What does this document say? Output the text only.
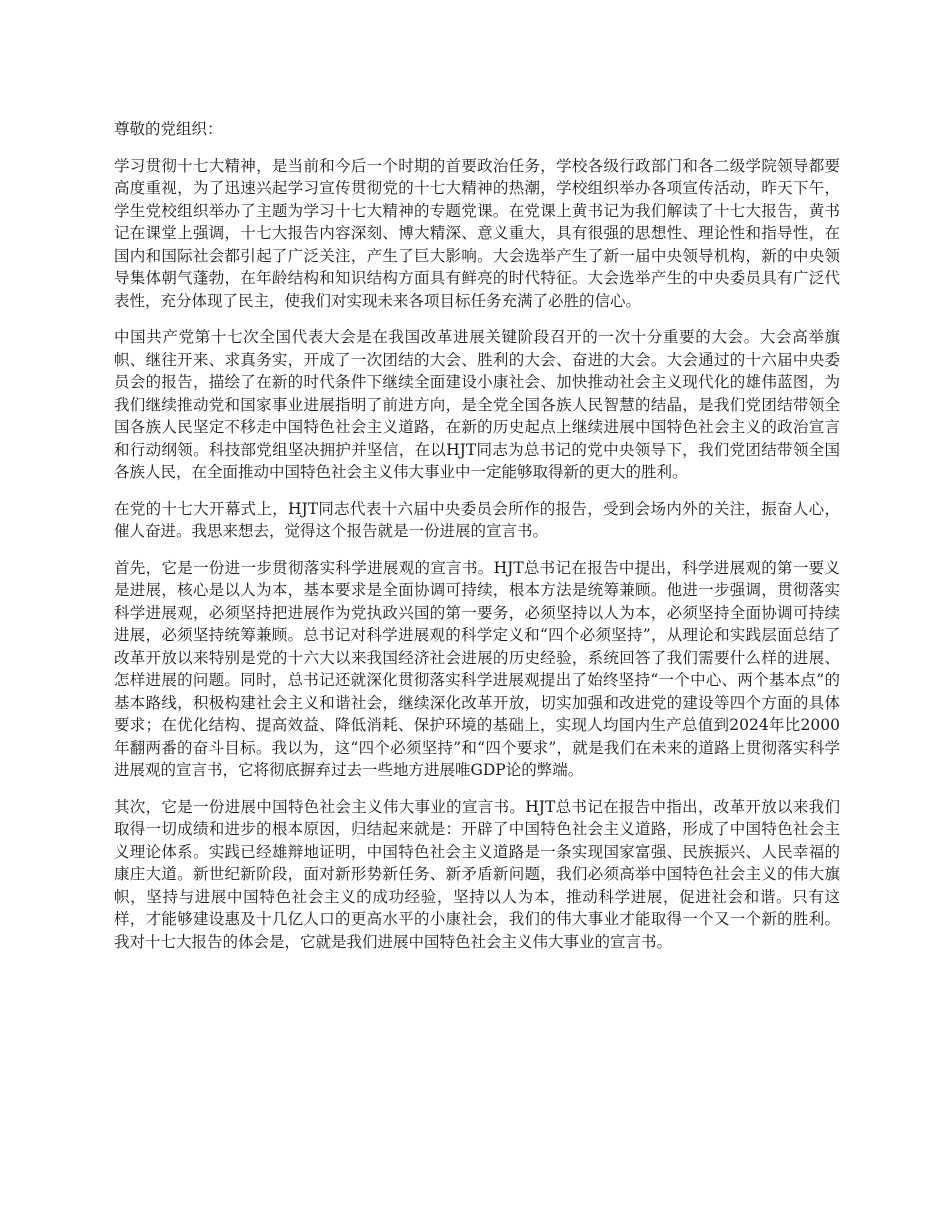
尊敬的党组织：

学习贯彻十七大精神，是当前和今后一个时期的首要政治任务，学校各级行政部门和各二级学院领导都要高度重视，为了迅速兴起学习宣传贯彻党的十七大精神的热潮，学校组织举办各项宣传活动，昨天下午，学生党校组织举办了主题为学习十七大精神的专题党课。在党课上黄书记为我们解读了十七大报告，黄书记在课堂上强调，十七大报告内容深刻、博大精深、意义重大，具有很强的思想性、理论性和指导性，在国内和国际社会都引起了广泛关注，产生了巨大影响。大会选举产生了新一届中央领导机构，新的中央领导集体朝气蓬勃，在年龄结构和知识结构方面具有鲜亮的时代特征。大会选举产生的中央委员具有广泛代表性，充分体现了民主，使我们对实现未来各项目标任务充满了必胜的信心。

中国共产党第十七次全国代表大会是在我国改革进展关键阶段召开的一次十分重要的大会。大会高举旗帜、继往开来、求真务实，开成了一次团结的大会、胜利的大会、奋进的大会。大会通过的十六届中央委员会的报告，描绘了在新的时代条件下继续全面建设小康社会、加快推动社会主义现代化的雄伟蓝图，为我们继续推动党和国家事业进展指明了前进方向，是全党全国各族人民智慧的结晶，是我们党团结带领全国各族人民坚定不移走中国特色社会主义道路，在新的历史起点上继续进展中国特色社会主义的政治宣言和行动纲领。科技部党组坚决拥护并坚信，在以HJT同志为总书记的党中央领导下，我们党团结带领全国各族人民，在全面推动中国特色社会主义伟大事业中一定能够取得新的更大的胜利。

在党的十七大开幕式上，HJT同志代表十六届中央委员会所作的报告，受到会场内外的关注，振奋人心，催人奋进。我思来想去，觉得这个报告就是一份进展的宣言书。

首先，它是一份进一步贯彻落实科学进展观的宣言书。HJT总书记在报告中提出，科学进展观的第一要义是进展，核心是以人为本，基本要求是全面协调可持续，根本方法是统筹兼顾。他进一步强调，贯彻落实科学进展观，必须坚持把进展作为党执政兴国的第一要务，必须坚持以人为本，必须坚持全面协调可持续进展，必须坚持统筹兼顾。总书记对科学进展观的科学定义和“四个必须坚持”，从理论和实践层面总结了改革开放以来特别是党的十六大以来我国经济社会进展的历史经验，系统回答了我们需要什么样的进展、怎样进展的问题。同时，总书记还就深化贯彻落实科学进展观提出了始终坚持“一个中心、两个基本点”的基本路线，积极构建社会主义和谐社会，继续深化改革开放，切实加强和改进党的建设等四个方面的具体要求；在优化结构、提高效益、降低消耗、保护环境的基础上，实现人均国内生产总值到2024年比2000年翻两番的奋斗目标。我以为，这“四个必须坚持”和“四个要求”，就是我们在未来的道路上贯彻落实科学进展观的宣言书，它将彻底摒弃过去一些地方进展唯GDP论的弊端。

其次，它是一份进展中国特色社会主义伟大事业的宣言书。HJT总书记在报告中指出，改革开放以来我们取得一切成绩和进步的根本原因，归结起来就是：开辟了中国特色社会主义道路，形成了中国特色社会主义理论体系。实践已经雄辩地证明，中国特色社会主义道路是一条实现国家富强、民族振兴、人民幸福的康庄大道。新世纪新阶段，面对新形势新任务、新矛盾新问题，我们必须高举中国特色社会主义的伟大旗帜，坚持与进展中国特色社会主义的成功经验，坚持以人为本，推动科学进展，促进社会和谐。只有这样，才能够建设惠及十几亿人口的更高水平的小康社会，我们的伟大事业才能取得一个又一个新的胜利。我对十七大报告的体会是，它就是我们进展中国特色社会主义伟大事业的宣言书。
